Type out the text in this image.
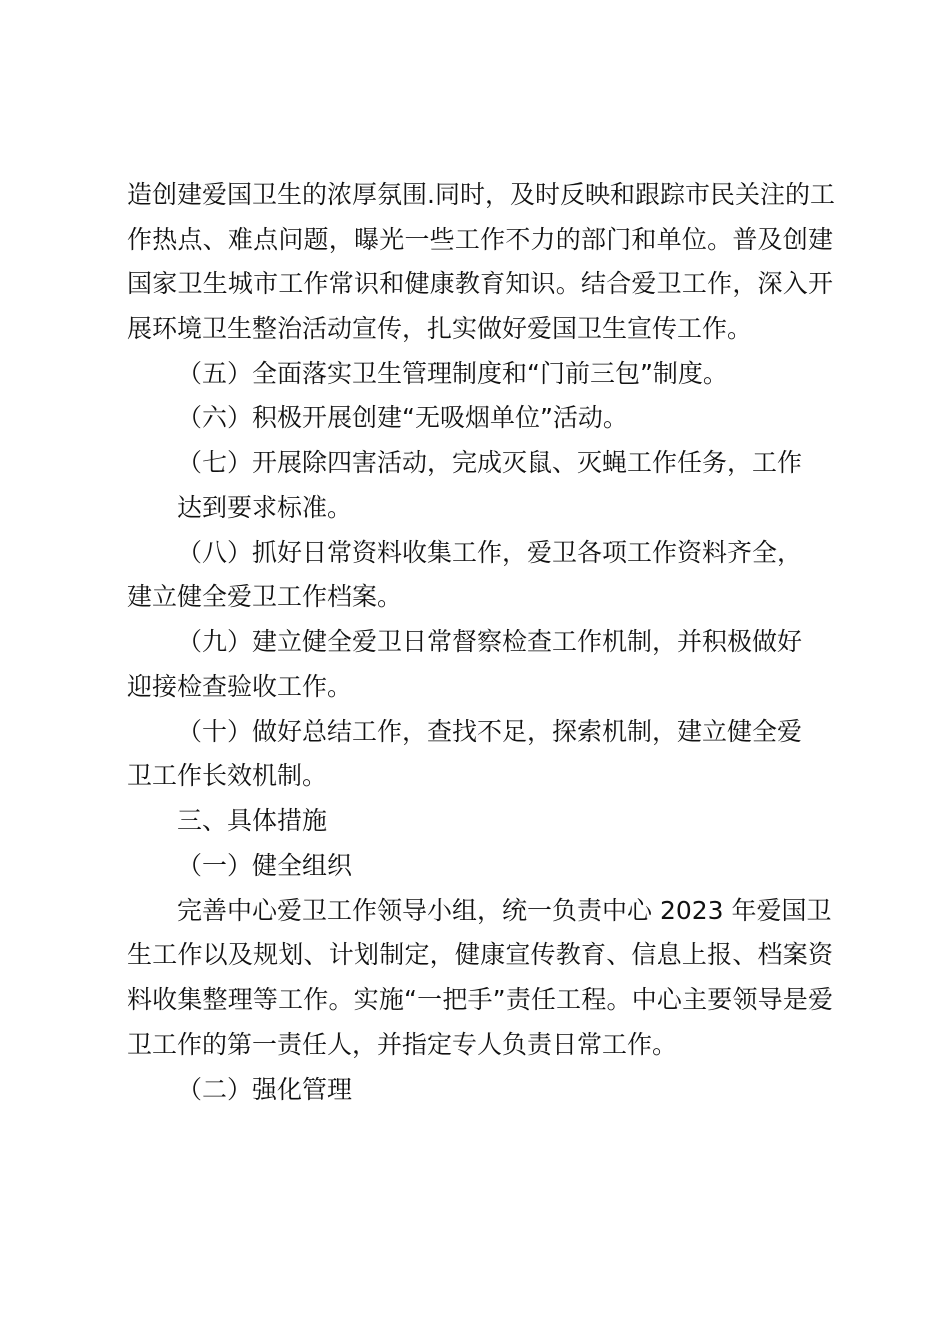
造创建爱国卫生的浓厚氛围.同时，及时反映和跟踪市民关注的工

作热点、难点问题，曝光一些工作不力的部门和单位。普及创建

国家卫生城市工作常识和健康教育知识。结合爱卫工作，深入开

展环境卫生整治活动宣传，扎实做好爱国卫生宣传工作。

（五）全面落实卫生管理制度和“门前三包”制度。

（六）积极开展创建“无吸烟单位”活动。

（七）开展除四害活动，完成灭鼠、灭蝇工作任务，工作

达到要求标准。

（八）抓好日常资料收集工作，爱卫各项工作资料齐全，

建立健全爱卫工作档案。

（九）建立健全爱卫日常督察检查工作机制，并积极做好

迎接检查验收工作。

（十）做好总结工作，查找不足，探索机制，建立健全爱

卫工作长效机制。

三、具体措施

（一）健全组织

完善中心爱卫工作领导小组，统一负责中心 2023 年爱国卫

生工作以及规划、计划制定，健康宣传教育、信息上报、档案资

料收集整理等工作。实施“一把手”责任工程。中心主要领导是爱

卫工作的第一责任人，并指定专人负责日常工作。

（二）强化管理
